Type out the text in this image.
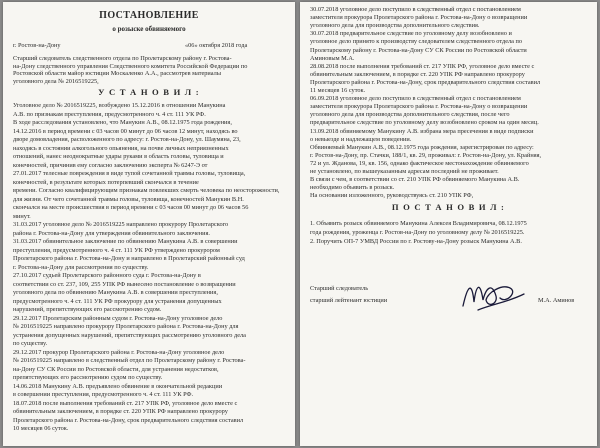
ПОСТАНОВЛЕНИЕ
о розыске обвиняемого
г. Ростов-на-Дону	«06» октября 2018 года
Старший следователь следственного отдела по Пролетарскому району г. Ростова-
на-Дону следственного управления Следственного комитета Российской Федерации по
Ростовской области майор юстиции Москаленко А.А., рассмотрев материалы
уголовного дела № 2016519225,
У С Т А Н О В И Л :
Уголовное дело № 2016519225, возбуждено 15.12.2016 в отношении Манукина
А.В. по признакам преступления, предусмотренного ч. 4 ст. 111 УК РФ.
В ходе расследования установлено, что Манукин А.В., 08.12.1975 года рождения,
14.12.2016 в период времени с 03 часов 00 минут до 06 часов 12 минут, находясь во
дворе домовладения, расположенного по адресу: г. Ростов-на-Дону, ул. Шаумяна, 23,
находясь в состоянии алкогольного опьянения, на почве личных неприязненных
отношений, нанес неоднократные удары руками в область головы, туловища и
конечностей, причинив ему согласно заключению эксперта № 6247-Э от
27.01.2017 телесные повреждения в виде тупой сочетанной травмы головы, туловища,
конечностей, в результате которых потерпевший скончался в течение
времени. Согласно квалифицирующим признакам повлекших смерть человека по неосторожности,
для жизни. От чего сочетанной травмы головы, туловища, конечностей Манукин В.Н.
скончался на месте происшествия в период времени с 03 часов 00 минут до 06 часов 56
минут.
31.03.2017 уголовное дело № 2016519225 направлено прокурору Пролетарского
района г. Ростова-на-Дону для утверждения обвинительного заключения.
31.03.2017 обвинительное заключение по обвинению Манукина А.В. в совершении
преступления, предусмотренного ч. 4 ст. 111 УК РФ утверждено прокурором
Пролетарского района г. Ростова-на-Дону и направлено в Пролетарский районный суд
г. Ростова-на-Дону для рассмотрения по существу.
27.10.2017 судьей Пролетарского районного суда г. Ростова-на-Дону в
соответствии со ст. 237, 109, 255 УПК РФ вынесено постановление о возвращении
уголовного дела по обвинению Манукина А.В. в совершении преступления,
предусмотренного ч. 4 ст. 111 УК РФ прокурору для устранения допущенных
нарушений, препятствующих его рассмотрению судом.
29.12.2017 Пролетарским районным судом г. Ростова-на-Дону уголовное дело
№ 2016519225 направлено прокурору Пролетарского района г. Ростова-на-Дону для
устранения допущенных нарушений, препятствующих рассмотрению уголовного дела
по существу.
29.12.2017 прокурор Пролетарского района г. Ростова-на-Дону уголовное дело
№ 2016519225 направлено в следственный отдел по Пролетарскому району г. Ростова-
на-Дону СУ СК России по Ростовской области, для устранения недостатков,
препятствующих его рассмотрению судом по существу.
14.06.2018 Манукину А.В. предъявлено обвинение в окончательной редакции
в совершении преступления, предусмотренного ч. 4 ст. 111 УК РФ.
18.07.2018 после выполнения требований ст. 217 УПК РФ, уголовное дело вместе с
обвинительным заключением, в порядке ст. 220 УПК РФ направлено прокурору
Пролетарского района г. Ростова-на-Дону, срок предварительного следствия составил
10 месяцев 06 суток.
30.07.2018 уголовное дело поступило в следственный отдел с постановлением
заместителя прокурора Пролетарского района г. Ростова-на-Дону о возвращении
уголовного дела для производства дополнительного следствия.
30.07.2018 предварительное следствие по уголовному делу возобновлено и
уголовное дело принято к производству следователем следственного отдела по
Пролетарскому району г. Ростова-на-Дону СУ СК России по Ростовской области
Аминовым М.А.
28.08.2018 после выполнения требований ст. 217 УПК РФ, уголовное дело вместе с
обвинительным заключением, в порядке ст. 220 УПК РФ направлено прокурору
Пролетарского района г. Ростова-на-Дону, срок предварительного следствия составил
11 месяцев 16 суток.
06.09.2018 уголовное дело поступило в следственный отдел с постановлением
заместителя прокурора Пролетарского района г. Ростова-на-Дону о возвращении
уголовного дела для производства дополнительного следствия, после чего
предварительное следствие по уголовному делу возобновлено сроком на один месяц.
13.09.2018 обвиняемому Манукину А.В. избрана мера пресечения в виде подписки
о невыезде и надлежащем поведении.
Обвиняемый Манукин А.В., 08.12.1975 года рождения, зарегистрирован по адресу:
г. Ростов-на-Дону, пр. Стачки, 188/1, кв. 29, проживал: г. Ростов-на-Дону, ул. Крайняя,
72 и ул. Жданова, 19, кв. 156, однако фактическое местонахождение обвиняемого
не установлено, по вышеуказанным адресам последний не проживает.
В связи с чем, в соответствии со ст. 210 УПК РФ обвиняемого Манукина А.В.
необходимо объявить в розыск.
На основании изложенного, руководствуясь ст. 210 УПК РФ,
П О С Т А Н О В И Л :
1. Объявить розыск обвиняемого Манукина Алексея Владимировича, 08.12.1975
года рождения, уроженца г. Ростов-на-Дону по уголовному делу № 2016519225.
2. Поручить ОП-7 УМВД России по г. Ростову-на-Дону розыск Манукина А.В.
Старший следователь
старший лейтенант юстиции	М.А. Аминов
